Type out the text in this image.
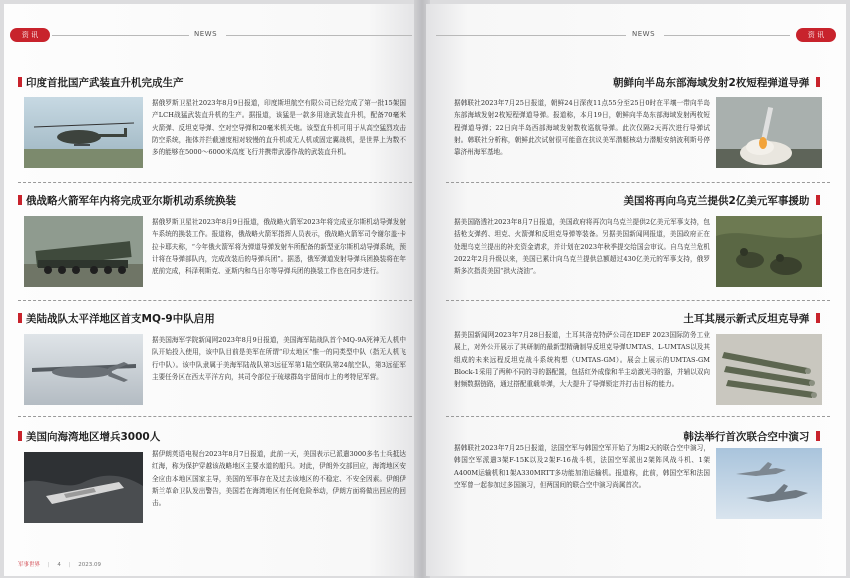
资 讯	NEWS
印度首批国产武装直升机完成生产
据俄罗斯卫星社2023年8月9日报道，印度斯坦航空有限公司已经完成了第一批15架国产LCH战猛武装直升机的生产。据报道，该猛是一款多用途武装直升机，配备70毫米火箭弹、反坦克导弹、空对空导弹和20毫米机关炮。该型直升机可用于从高空猛烈攻击防空系统，拖体并拦截速度相对较慢的直升机或无人机或固定翼战机，是世界上为数不多的能够在5000～6000米高度飞行并携带武器作战的武装直升机。
俄战略火箭军年内将完成亚尔斯机动系统换装
据俄罗斯卫星社2023年8月9日报道，俄战略火箭军2023年将完成亚尔斯机动导弹发射车系统的换装工作。报道称，俄战略火箭军指挥人员表示，俄战略火箭军司令谢尔盖·卡拉卡耶夫称，“今年俄火箭军将为弹道导弹发射车所配备的新型亚尔斯机动导弹系统，预计将在导弹部队内，完成改装后的导弹兵团”。据悉，俄军弹道发射导弹兵团换装将在年底前完成，科泽利斯克、亚斯内和乌日尔等导弹兵团的换装工作也在同步进行。
美陆战队太平洋地区首支MQ-9中队启用
据美国海军学院新闻网2023年8月9日报道，美国海军陆战队首个MQ-9A死神无人机中队开始投入使用，该中队目前是美军在所谓“印太地区”惟一的同类型中队（指无人机飞行中队）。该中队隶属于美海军陆战队第3远征军第1陆空联队第24航空队，第3远征军主要任务区在西太平洋方向，其司令部位于琉球群岛宇留间市上的考特尼军营。
美国向海湾地区增兵3000人
据伊朗英语电视台2023年8月7日报道，此前一天，美国表示已派遣3000多名士兵抵达红海，称为保护穿越该战略地区主要水道的船只。对此，伊朗外交部回应，海湾地区安全应由本地区国家主导，美国的军事存在及过去该地区的不稳定、不安全因素。伊朗伊斯兰革命卫队发出警告，美国若在海湾地区有任何危险举动，伊朗方面将做出回应的回击。
军事世界 | 4 | 2023.09
NEWS	资 讯
朝鲜向半岛东部海域发射2枚短程弹道导弹
据韩联社2023年7月25日报道，朝鲜24日深夜11点55分至25日0时在平壤一带向半岛东部海域发射2枚短程弹道导弹。报道称，本月19日，朝鲜向半岛东部海域发射两枚短程弹道导弹；22日向半岛西部海域发射数枚巡航导弹。此次仅隔2天再次进行导弹试射。韩联社分析称，朝鲜此次试射很可能意在抗议美军潜艇核动力潜艇安纳波利斯号停靠济州海军基地。
美国将再向乌克兰提供2亿美元军事援助
据美国路透社2023年8月7日报道，美国政府将再次向乌克兰提供2亿美元军事支持，包括枪支弹药、坦克、火箭弹和反坦克导弹等装备。另据美国新闻网报道，美国政府正在处理乌克兰提出的补充资金请求，并计划在2023年秋季提交给国会审议。自乌克兰危机2022年2月升级以来，美国已累计向乌克兰提供总额超过430亿美元的军事支持，俄罗斯多次指责美国“拱火浇油”。
土耳其展示新式反坦克导弹
据美国新闻网2023年7月28日报道，土耳其洛克特萨公司在IDEF 2023国际防务工业展上，对外公开展示了其研制的最新型精确制导反坦克导弹UMTAS、L-UMTAS以及其组成的未来远程反坦克战斗系统构想（UMTAS-GM）。展会上展示的UMTAS-GM Block-1采用了两种不同的寻的器配置，包括红外成像和半主动激光寻的器，并辅以双向射频数据链路，通过搭配重载单弹，大大提升了导弹锁定并打击目标的能力。
韩法举行首次联合空中演习
据韩联社2023年7月25日报道，法国空军与韩国空军开始了为期2天的联合空中演习，韩国空军派遣3架F-15K以及2架F-16战斗机，法国空军派出2架阵风战斗机、1架A400M运输机和1架A330MRTT多功能加油运输机。报道称，此前，韩国空军和法国空军曾一起参加过多国演习，但两国间的联合空中演习尚属首次。
